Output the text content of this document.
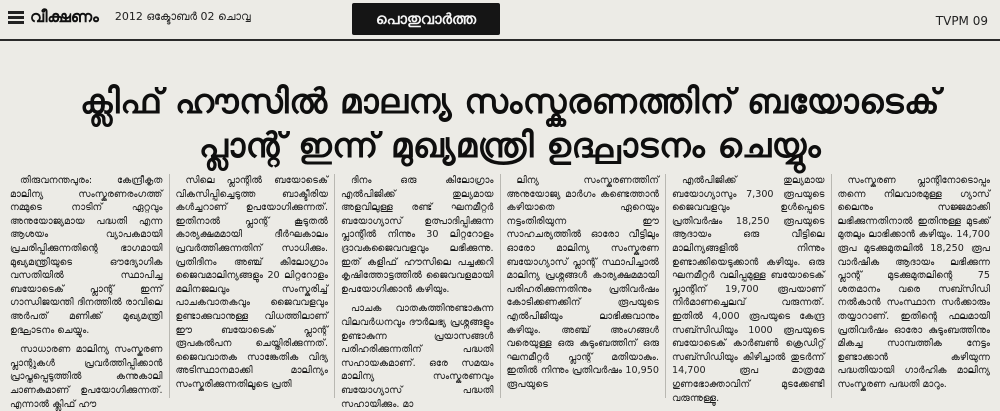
വീക്ഷണം 2012 ഒക്ടോബർ 02 ചൊവ്വ	പൊതുവാർത്ത	TVPM 09
ക്ലിഫ് ഹൗസിൽ മാലന്യ സംസ്കരണത്തിന് ബയോടെക്
പ്ലാന്റ് ഇന്ന് മുഖ്യമന്ത്രി ഉദ്ഘാടനം ചെയ്യും

തിരുവനന്തപുരം: കേന്ദ്രീകൃത മാലിന്യ സംസ്കരണരംഗത്ത് നമ്മുടെ നാടിന് ഏറ്റവും അനുയോജ്യമായ പദ്ധതി എന്ന ആശയം വ്യാപകമായി പ്രചരിപ്പിക്കുന്നതിന്റെ ഭാഗമായി മുഖ്യമന്ത്രിയുടെ ഔദ്യോഗിക വസതിയിൽ സ്ഥാപിച്ച ബയോടെക് പ്ലാന്റ് ഇന്ന് ഗാന്ധിജയന്തി ദിനത്തിൽ രാവിലെ അർപത് മണിക്ക് മുഖ്യമന്ത്രി ഉദ്ഘാടനം ചെയ്യും.

സാധാരണ മാലിന്യ സംസ്കരണ പ്ലാന്റുകൾ പ്രവർത്തിപ്പിക്കാൻ പ്രാപ്തപ്പെടുത്തിൽ കന്നുകാലി ചാണകമാണ് ഉപയോഗിക്കുന്നത്. എന്നാൽ ക്ലിഫ് ഹൗ

സിലെ പ്ലാന്റിൽ ബയോടെക് വികസിപ്പിച്ചെടുത്ത ബാക്ടീരിയ കൾച്ചറാണ് ഉപയോഗിക്കുന്നത്. ഇതിനാൽ പ്ലാന്റ് കൂടുതൽ കാര്യക്ഷമമായി ദീർഘകാലം പ്രവർത്തിക്കുന്നതിന് സാധിക്കും. പ്രതിദിനം അഞ്ച് കിലോഗ്രാം ജൈവമാലിന്യങ്ങളും 20 ലിറ്ററോളം മലിനജലവും സംസ്കരിച്ച് പാചകവാതകവും ജൈവവളവും ഉണ്ടാക്കുവാനുള്ള വിധത്തിലാണ് ഈ ബയോടെക് പ്ലാന്റ് രൂപകൽപന ചെയ്തിരിക്കുന്നത്. ജൈവവാതക സാങ്കേതിക വിദ്യ അടിസ്ഥാനമാക്കി മാലിന്യം സംസ്കരിക്കുന്നതിലൂടെ പ്രതി

ദിനം ഒരു കിലോഗ്രാം എൽപിജിക്ക് തുല്യമായ അളവിലുള്ള രണ്ട് ഘനമീറ്റർ ബയോഗ്യാസ് ഉത്പാദിപ്പിക്കുന്ന പ്ലാന്റിൽ നിന്നും 30 ലിറ്ററോളം ദ്രാവകജൈവവളവും ലഭിക്കുന്നു. ഇത് കളിഫ് ഹൗസിലെ പച്ചക്കറി കൃഷിത്തോട്ടത്തിൽ ജൈവവളമായി ഉപയോഗിക്കാൻ കഴിയും.

പാചക വാതകത്തിനുണ്ടാകുന്ന വിലവർധനവും ദൗർലഭ്യ പ്രശ്നങ്ങളും ഉണ്ടാകുന്ന പ്രയാസങ്ങൾ പരിഹരിക്കുന്നതിന് പദ്ധതി സഹായകമാണ്. ഒരേ സമയം മാലിന്യ സംസ്കരണവും ബയോഗ്യാസ് പദ്ധതി സഹായിക്കും. മാ

ലിന്യ സംസ്കരണത്തിന് അനുയോജ്യ മാർഗം കണ്ടെത്താൻ കഴിയാതെ ഏറെയും നട്ടംതിരിയുന്ന ഈ സാഹചര്യത്തിൽ ഓരോ വീട്ടിലും ഓരോ മാലിന്യ സംസ്കരണ ബയോഗ്യാസ് പ്ലാന്റ് സ്ഥാപിച്ചാൽ മാലിന്യ പ്രശ്നങ്ങൾ കാര്യക്ഷമമായി പരിഹരിക്കുന്നതിനും പ്രതിവർഷം കോടിക്കണക്കിന് രൂപയുടെ എൽപിജിയും ലാഭിക്കുവാനും കഴിയും. അഞ്ച് അംഗങ്ങൾ വരെയുള്ള ഒരു കുടുംബത്തിന് ഒരു ഘനമീറ്റർ പ്ലാന്റ് മതിയാകും. ഇതിൽ നിന്നും പ്രതിവർഷം 10,950 രൂപയുടെ

എൽപിജിക്ക് തുല്യമായ ബയോഗ്യാസും 7,300 രൂപയുടെ ജൈവവളവും ഉൾപ്പെടെ പ്രതിവർഷം 18,250 രൂപയുടെ ആദായം ഒരു വീട്ടിലെ മാലിന്യങ്ങളിൽ നിന്നും ഉണ്ടാക്കിയെടുക്കാൻ കഴിയും. ഒരു ഘനമീറ്റർ വലിപ്പമുള്ള ബയോടെക് പ്ലാന്റിന് 19,700 രൂപയാണ് നിർമാണച്ചെലവ് വരുന്നത്. ഇതിൽ 4,000 രൂപയുടെ കേന്ദ്ര സബ്സിഡിയും 1000 രൂപയുടെ ബയോടെക് കാർബൺ ക്രെഡിറ്റ് സബ്സിഡിയും കിഴിച്ചാൽ തുടർന്ന് 14,700 രൂപ മാത്രമേ ഗുണഭോക്താവിന് മുടക്കേണ്ടി വരുന്നുള്ളൂ.

സംസ്കരണ പ്ലാന്റിനോടൊപ്പം തന്നെ നിലവാരമുള്ള ഗ്യാസ് ലൈനും സജ്ജമാക്കി ലഭിക്കുന്നതിനാൽ ഇതിനുള്ള മുടക്ക് മുതലും ലാഭിക്കാൻ കഴിയും. 14,700 രൂപ മുടക്കുമുതലിൽ 18,250 രൂപ വാർഷിക ആദായം ലഭിക്കുന്ന പ്ലാന്റ് മുടക്കുമുതലിന്റെ 75 ശതമാനം വരെ സബ്സിഡി നൽകാൻ സംസ്ഥാന സർക്കാരും തയ്യാറാണ്. ഇതിന്റെ ഫലമായി പ്രതിവർഷം ഓരോ കുടുംബത്തിനും മികച്ച സാമ്പത്തിക നേട്ടം ഉണ്ടാക്കാൻ കഴിയുന്ന പദ്ധതിയായി ഗാർഹിക മാലിന്യ സംസ്കരണ പദ്ധതി മാറും.
